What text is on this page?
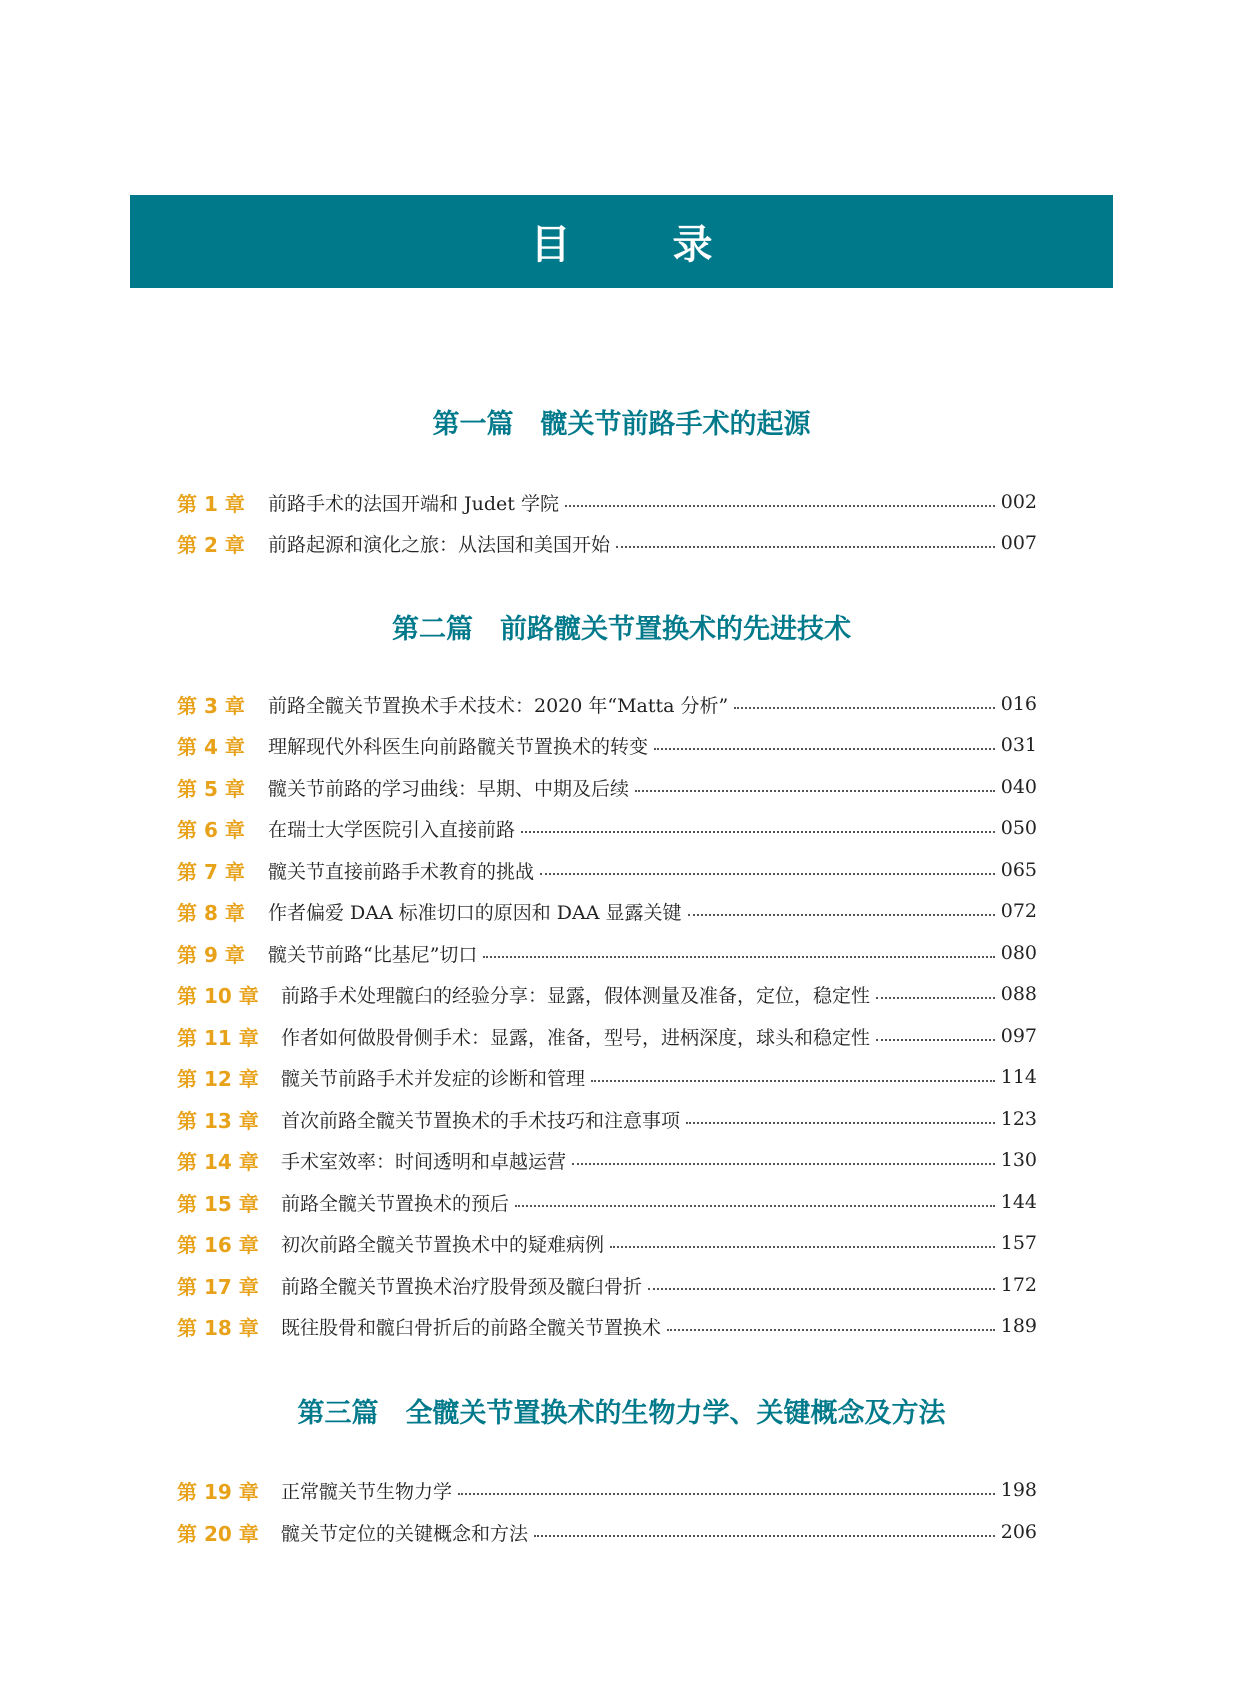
目 录
第一篇　髋关节前路手术的起源
第 1 章	前路手术的法国开端和 Judet 学院	002
第 2 章	前路起源和演化之旅：从法国和美国开始	007
第二篇　前路髋关节置换术的先进技术
第 3 章	前路全髋关节置换术手术技术：2020 年“Matta 分析”	016
第 4 章	理解现代外科医生向前路髋关节置换术的转变	031
第 5 章	髋关节前路的学习曲线：早期、中期及后续	040
第 6 章	在瑞士大学医院引入直接前路	050
第 7 章	髋关节直接前路手术教育的挑战	065
第 8 章	作者偏爱 DAA 标准切口的原因和 DAA 显露关键	072
第 9 章	髋关节前路“比基尼”切口	080
第 10 章	前路手术处理髋臼的经验分享：显露，假体测量及准备，定位，稳定性	088
第 11 章	作者如何做股骨侧手术：显露，准备，型号，进柄深度，球头和稳定性	097
第 12 章	髋关节前路手术并发症的诊断和管理	114
第 13 章	首次前路全髋关节置换术的手术技巧和注意事项	123
第 14 章	手术室效率：时间透明和卓越运营	130
第 15 章	前路全髋关节置换术的预后	144
第 16 章	初次前路全髋关节置换术中的疑难病例	157
第 17 章	前路全髋关节置换术治疗股骨颈及髋臼骨折	172
第 18 章	既往股骨和髋臼骨折后的前路全髋关节置换术	189
第三篇　全髋关节置换术的生物力学、关键概念及方法
第 19 章	正常髋关节生物力学	198
第 20 章	髋关节定位的关键概念和方法	206
